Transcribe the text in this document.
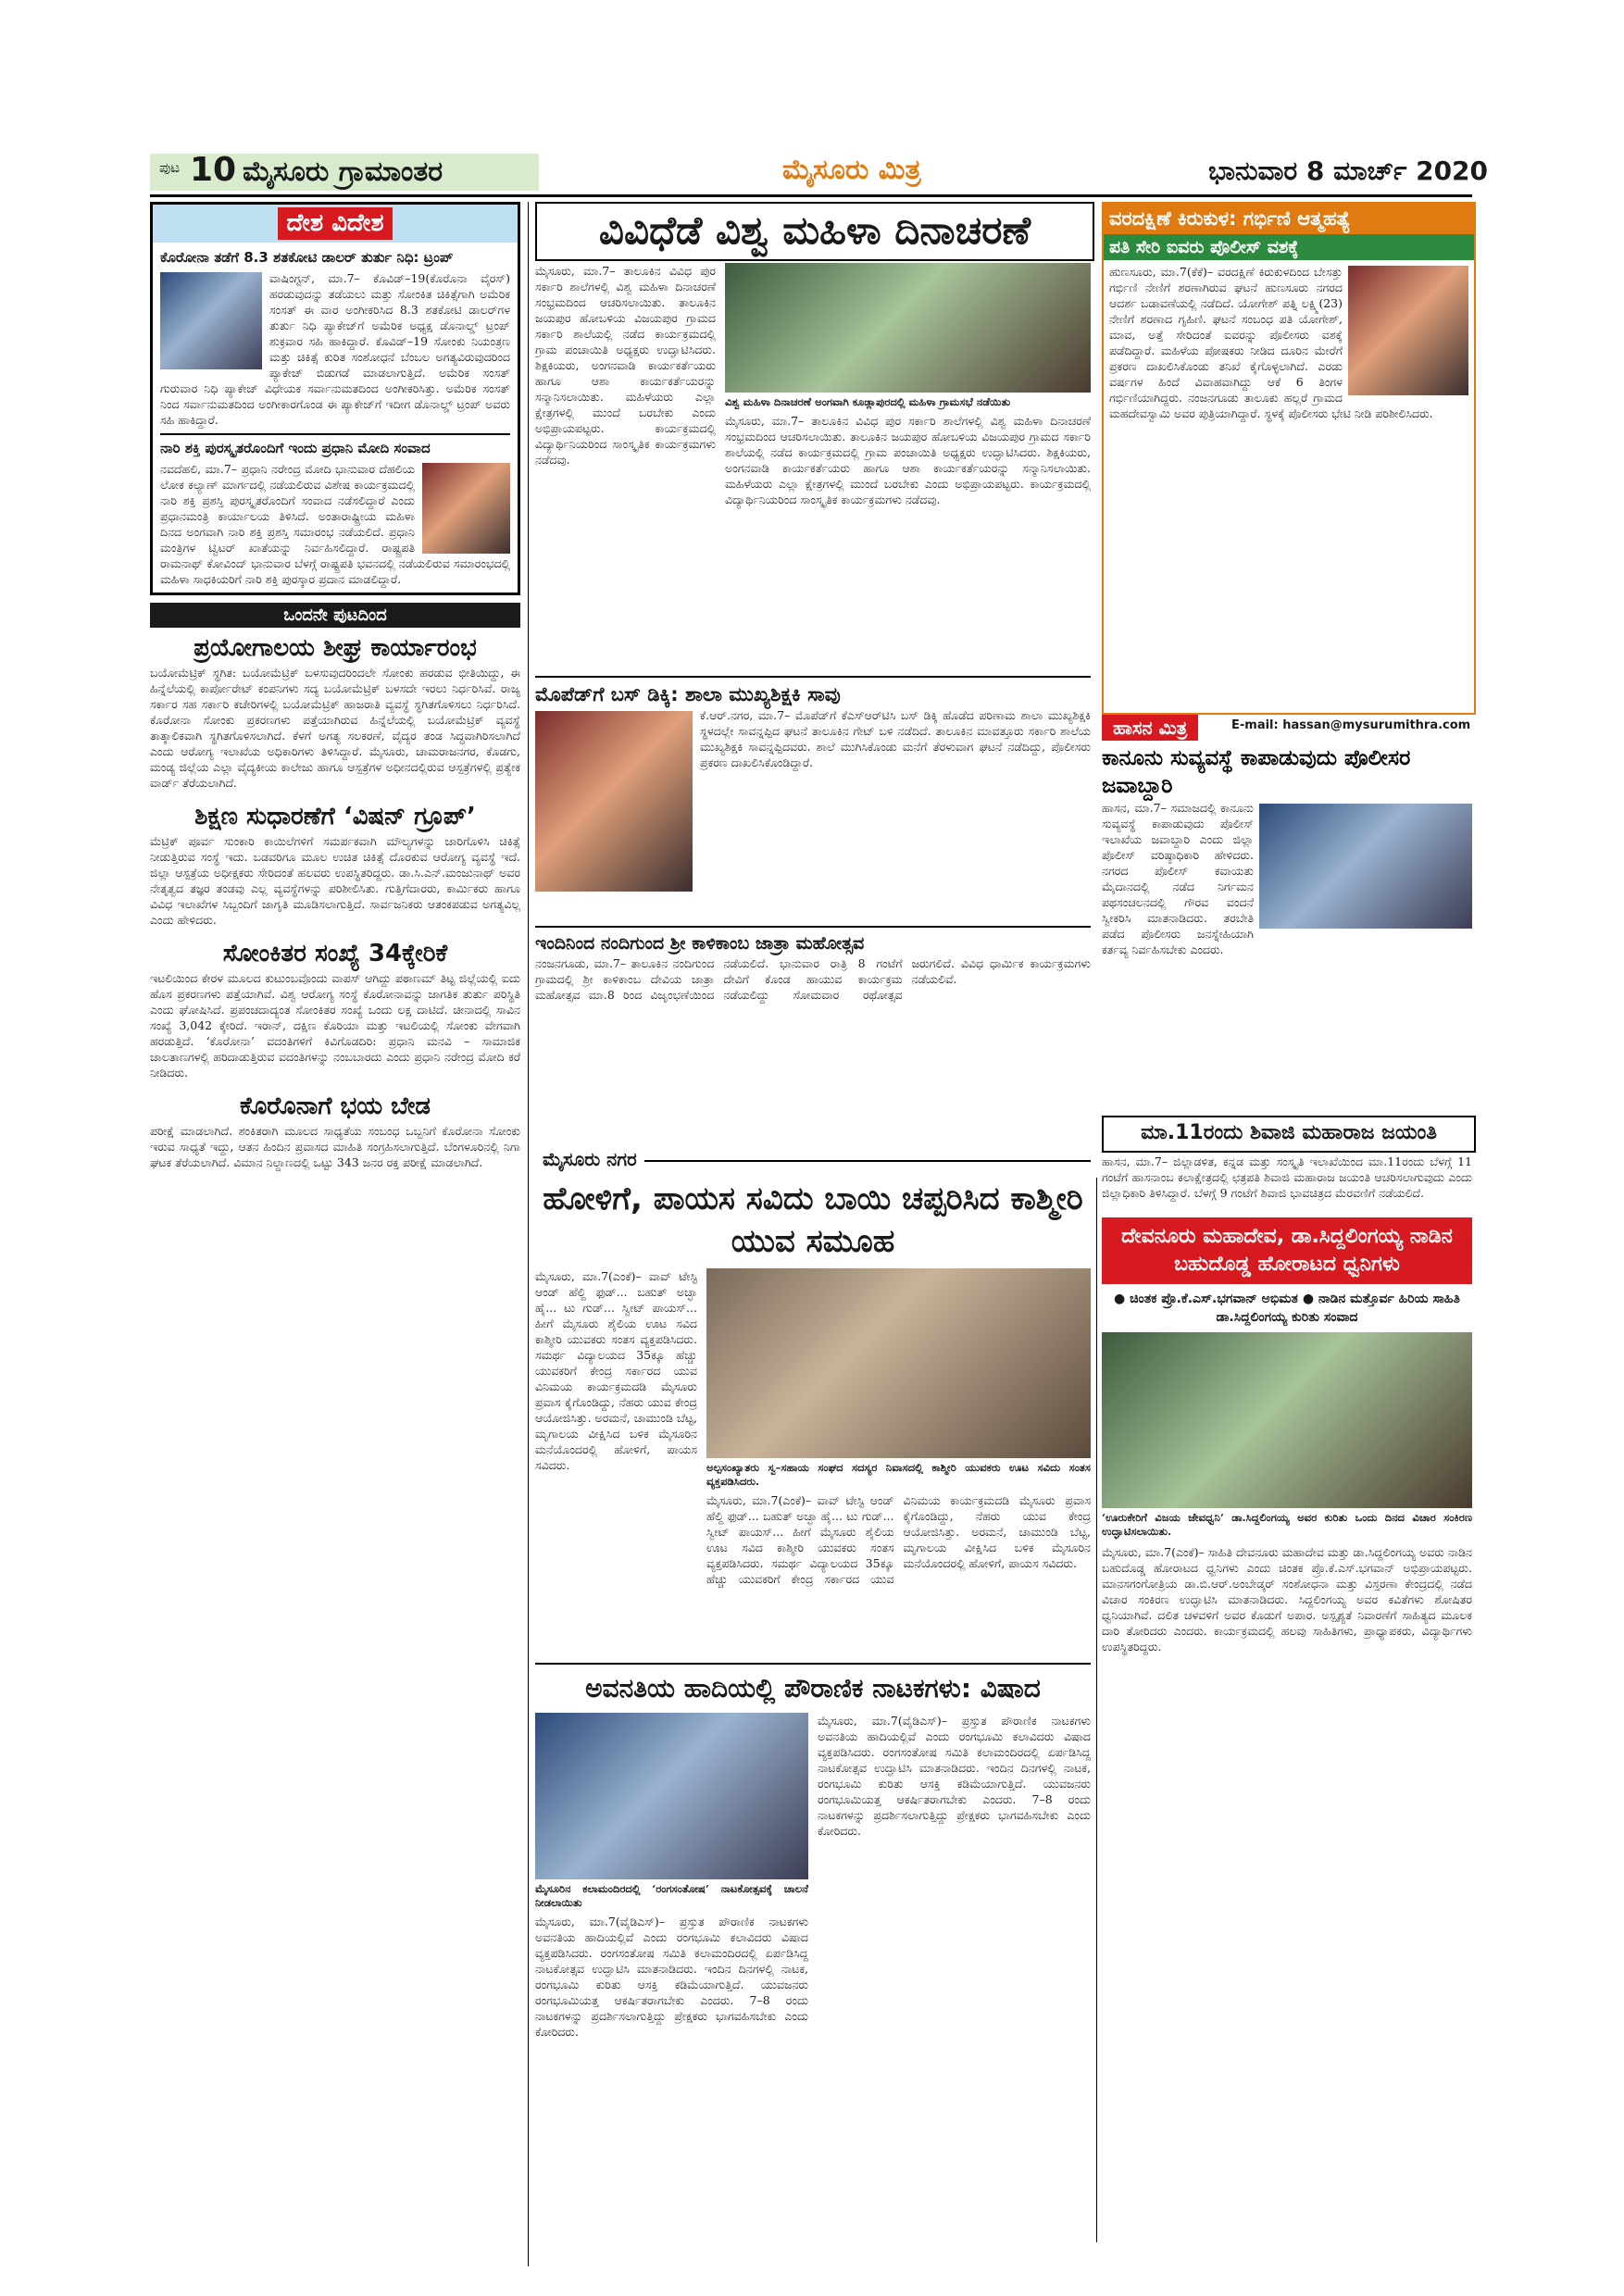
ಪುಟ 10 ಮೈಸೂರು ಗ್ರಾಮಾಂತರ	ಮೈಸೂರು ಮಿತ್ರ	ಭಾನುವಾರ 8 ಮಾರ್ಚ್ 2020
ದೇಶ ವಿದೇಶ

ಕೊರೋನಾ ತಡೆಗೆ 8.3 ಶತಕೋಟಿ ಡಾಲರ್ ತುರ್ತು ನಿಧಿ: ಟ್ರಂಪ್

ವಾಷಿಂಗ್ಟನ್, ಮಾ.7– ಕೊವಿಡ್–19(ಕೊರೊನಾ ವೈರಸ್) ಹರಡುವುದನ್ನು ತಡೆಯಲು ಮತ್ತು ಸೋಂಕಿತ ಚಿಕಿತ್ಸೆಗಾಗಿ ಅಮೆರಿಕ ಸಂಸತ್ ಈ ವಾರ ಅಂಗೀಕರಿಸಿದ 8.3 ಶತಕೋಟಿ ಡಾಲರ್‌ಗಳ ತುರ್ತು ನಿಧಿ ಪ್ಯಾಕೇಜ್‌ಗೆ ಅಮೆರಿಕ ಅಧ್ಯಕ್ಷ ಡೊನಾಲ್ಡ್ ಟ್ರಂಪ್ ಶುಕ್ರವಾರ ಸಹಿ ಹಾಕಿದ್ದಾರೆ. ಕೊವಿಡ್–19 ಸೋಂಕು ನಿಯಂತ್ರಣ ಮತ್ತು ಚಿಕಿತ್ಸೆ ಕುರಿತ ಸಂಶೋಧನೆ ಬೆಂಬಲ ಅಗತ್ಯವಿರುವುದರಿಂದ ಪ್ಯಾಕೇಜ್ ಬಿಡುಗಡೆ ಮಾಡಲಾಗುತ್ತಿದೆ. ಅಮೆರಿಕ ಸಂಸತ್ ಗುರುವಾರ ನಿಧಿ ಪ್ಯಾಕೇಜ್ ವಿಧೇಯಕ ಸರ್ವಾನುಮತದಿಂದ ಅಂಗೀಕರಿಸಿತ್ತು. ಅಮೆರಿಕ ಸಂಸತ್ ನಿಂದ ಸರ್ವಾನುಮತದಿಂದ ಅಂಗೀಕಾರಗೊಂಡ ಈ ಪ್ಯಾಕೇಜ್‌ಗೆ ಇದೀಗ ಡೊನಾಲ್ಡ್ ಟ್ರಂಪ್ ಅವರು ಸಹಿ ಹಾಕಿದ್ದಾರೆ.

ನಾರಿ ಶಕ್ತಿ ಪುರಸ್ಕೃತರೊಂದಿಗೆ ಇಂದು ಪ್ರಧಾನಿ ಮೋದಿ ಸಂವಾದ

ನವದೆಹಲಿ, ಮಾ.7– ಪ್ರಧಾನಿ ನರೇಂದ್ರ ಮೋದಿ ಭಾನುವಾರ ದೆಹಲಿಯ ಲೋಕ ಕಲ್ಯಾಣ್ ಮಾರ್ಗದಲ್ಲಿ ನಡೆಯಲಿರುವ ವಿಶೇಷ ಕಾರ್ಯಕ್ರಮದಲ್ಲಿ ನಾರಿ ಶಕ್ತಿ ಪ್ರಶಸ್ತಿ ಪುರಸ್ಕೃತರೊಂದಿಗೆ ಸಂವಾದ ನಡೆಸಲಿದ್ದಾರೆ ಎಂದು ಪ್ರಧಾನಮಂತ್ರಿ ಕಾರ್ಯಾಲಯ ತಿಳಿಸಿದೆ. ಅಂತಾರಾಷ್ಟ್ರೀಯ ಮಹಿಳಾ ದಿನದ ಅಂಗವಾಗಿ ನಾರಿ ಶಕ್ತಿ ಪ್ರಶಸ್ತಿ ಸಮಾರಂಭ ನಡೆಯಲಿದೆ. ಪ್ರಧಾನಿ ಮಂತ್ರಿಗಳ ಟ್ವಿಟರ್ ಖಾತೆಯನ್ನು ನಿರ್ವಹಿಸಲಿದ್ದಾರೆ. ರಾಷ್ಟ್ರಪತಿ ರಾಮನಾಥ್ ಕೋವಿಂದ್ ಭಾನುವಾರ ಬೆಳಗ್ಗೆ ರಾಷ್ಟ್ರಪತಿ ಭವನದಲ್ಲಿ ನಡೆಯಲಿರುವ ಸಮಾರಂಭದಲ್ಲಿ ಮಹಿಳಾ ಸಾಧಕಿಯರಿಗೆ ನಾರಿ ಶಕ್ತಿ ಪುರಸ್ಕಾರ ಪ್ರದಾನ ಮಾಡಲಿದ್ದಾರೆ.

ಒಂದನೇ ಪುಟದಿಂದ

ಪ್ರಯೋಗಾಲಯ ಶೀಘ್ರ ಕಾರ್ಯಾರಂಭ

ಬಯೋಮೆಟ್ರಿಕ್ ಸ್ಥಗಿತ: ಬಯೋಮೆಟ್ರಿಕ್ ಬಳಸುವುದರಿಂದಲೇ ಸೋಂಕು ಹರಡುವ ಭೀತಿಯಿದ್ದು, ಈ ಹಿನ್ನೆಲೆಯಲ್ಲಿ ಕಾರ್ಪೋರೇಟ್ ಕಂಪನಿಗಳು ಸದ್ಯ ಬಯೋಮೆಟ್ರಿಕ್ ಬಳಸದೇ ಇರಲು ನಿರ್ಧರಿಸಿವೆ. ರಾಜ್ಯ ಸರ್ಕಾರ ಸಹ ಸರ್ಕಾರಿ ಕಚೇರಿಗಳಲ್ಲಿ ಬಯೋಮೆಟ್ರಿಕ್ ಹಾಜರಾತಿ ವ್ಯವಸ್ಥೆ ಸ್ಥಗಿತಗೊಳಿಸಲು ನಿರ್ಧರಿಸಿದೆ. ಕೊರೋನಾ ಸೋಂಕು ಪ್ರಕರಣಗಳು ಪತ್ತೆಯಾಗಿರುವ ಹಿನ್ನೆಲೆಯಲ್ಲಿ ಬಯೋಮೆಟ್ರಿಕ್ ವ್ಯವಸ್ಥೆ ತಾತ್ಕಾಲಿಕವಾಗಿ ಸ್ಥಗಿತಗೊಳಿಸಲಾಗಿದೆ. ಕೆಳಗೆ ಅಗತ್ಯ ಸಲಕರಣೆ, ವೈದ್ಯರ ತಂಡ ಸಿದ್ಧವಾಗಿರಿಸಲಾಗಿದೆ ಎಂದು ಆರೋಗ್ಯ ಇಲಾಖೆಯ ಅಧಿಕಾರಿಗಳು ತಿಳಿಸಿದ್ದಾರೆ. ಮೈಸೂರು, ಚಾಮರಾಜನಗರ, ಕೊಡಗು, ಮಂಡ್ಯ ಜಿಲ್ಲೆಯ ಎಲ್ಲಾ ವೈದ್ಯಕೀಯ ಕಾಲೇಜು ಹಾಗೂ ಆಸ್ಪತ್ರೆಗಳ ಅಧೀನದಲ್ಲಿರುವ ಆಸ್ಪತ್ರೆಗಳಲ್ಲಿ ಪ್ರತ್ಯೇಕ ವಾರ್ಡ್ ತೆರೆಯಲಾಗಿದೆ.

ಶಿಕ್ಷಣ ಸುಧಾರಣೆಗೆ ‘ವಿಷನ್ ಗ್ರೂಪ್’

ಮೆಟ್ರಿಕ್ ಪೂರ್ವ ಸುಂಕಾರಿ ಕಾಯಿಲೆಗಳಿಗೆ ಸಮರ್ಪಕವಾಗಿ ಮೌಲ್ಯಗಳನ್ನು ಜಾರಿಗೊಳಿಸಿ ಚಿಕಿತ್ಸೆ ನೀಡುತ್ತಿರುವ ಸಂಸ್ಥೆ ಇದು. ಬಡವರಿಗೂ ಮೂಲ ಉಚಿತ ಚಿಕಿತ್ಸೆ ದೊರಕುವ ಆರೋಗ್ಯ ವ್ಯವಸ್ಥೆ ಇದೆ. ಜಿಲ್ಲಾ ಆಸ್ಪತ್ರೆಯ ಅಧೀಕ್ಷಕರು ಸೇರಿದಂತೆ ಹಲವರು ಉಪಸ್ಥಿತರಿದ್ದರು. ಡಾ.ಸಿ.ಎನ್.ಮಂಜುನಾಥ್ ಅವರ ನೇತೃತ್ವದ ತಜ್ಞರ ತಂಡವು ಎಲ್ಲ ವ್ಯವಸ್ಥೆಗಳನ್ನು ಪರಿಶೀಲಿಸಿತು. ಗುತ್ತಿಗೆದಾರರು, ಕಾರ್ಮಿಕರು ಹಾಗೂ ವಿವಿಧ ಇಲಾಖೆಗಳ ಸಿಬ್ಬಂದಿಗೆ ಜಾಗೃತಿ ಮೂಡಿಸಲಾಗುತ್ತಿದೆ. ಸಾರ್ವಜನಿಕರು ಆತಂಕಪಡುವ ಅಗತ್ಯವಿಲ್ಲ ಎಂದು ಹೇಳಿದರು.

ಸೋಂಕಿತರ ಸಂಖ್ಯೆ 34ಕ್ಕೇರಿಕೆ

ಇಟಲಿಯಿಂದ ಕೇರಳ ಮೂಲದ ಕುಟುಂಬವೊಂದು ವಾಪಸ್ ಆಗಿದ್ದು ಪಠಾಣಮ್ ತಿಟ್ಟ ಜಿಲ್ಲೆಯಲ್ಲಿ ಐದು ಹೊಸ ಪ್ರಕರಣಗಳು ಪತ್ತೆಯಾಗಿವೆ. ವಿಶ್ವ ಆರೋಗ್ಯ ಸಂಸ್ಥೆ ಕೊರೋನಾವನ್ನು ಜಾಗತಿಕ ತುರ್ತು ಪರಿಸ್ಥಿತಿ ಎಂದು ಘೋಷಿಸಿದೆ. ಪ್ರಪಂಚದಾದ್ಯಂತ ಸೋಂಕಿತರ ಸಂಖ್ಯೆ ಒಂದು ಲಕ್ಷ ದಾಟಿದೆ. ಚೀನಾದಲ್ಲಿ ಸಾವಿನ ಸಂಖ್ಯೆ 3,042 ಕ್ಕೇರಿದೆ. ಇರಾನ್, ದಕ್ಷಿಣ ಕೊರಿಯಾ ಮತ್ತು ಇಟಲಿಯಲ್ಲಿ ಸೋಂಕು ವೇಗವಾಗಿ ಹರಡುತ್ತಿದೆ. ‘ಕೊರೋನಾ’ ವದಂತಿಗಳಿಗೆ ಕಿವಿಗೊಡದಿರಿ: ಪ್ರಧಾನಿ ಮನವಿ – ಸಾಮಾಜಿಕ ಜಾಲತಾಣಗಳಲ್ಲಿ ಹರಿದಾಡುತ್ತಿರುವ ವದಂತಿಗಳನ್ನು ನಂಬಬಾರದು ಎಂದು ಪ್ರಧಾನಿ ನರೇಂದ್ರ ಮೋದಿ ಕರೆ ನೀಡಿದರು.

ಕೊರೊನಾಗೆ ಭಯ ಬೇಡ

ಪರೀಕ್ಷೆ ಮಾಡಲಾಗಿದೆ. ಶಂಕಿತರಾಗಿ ಮೂಲದ ಸಾಧ್ಯತೆಯ ಸಂಬಂಧ ಒಬ್ಬನಿಗೆ ಕೊರೋನಾ ಸೋಂಕು ಇರುವ ಸಾಧ್ಯತೆ ಇದ್ದು, ಆತನ ಹಿಂದಿನ ಪ್ರವಾಸದ ಮಾಹಿತಿ ಸಂಗ್ರಹಿಸಲಾಗುತ್ತಿದೆ. ಬೆಂಗಳೂರಿನಲ್ಲಿ ನಿಗಾ ಘಟಕ ತೆರೆಯಲಾಗಿದೆ. ವಿಮಾನ ನಿಲ್ದಾಣದಲ್ಲಿ ಒಟ್ಟು 343 ಜನರ ರಕ್ತ ಪರೀಕ್ಷೆ ಮಾಡಲಾಗಿದೆ.

ವಿವಿಧೆಡೆ ವಿಶ್ವ ಮಹಿಳಾ ದಿನಾಚರಣೆ

ಮೈಸೂರು, ಮಾ.7– ತಾಲೂಕಿನ ವಿವಿಧ ಪುರ ಸರ್ಕಾರಿ ಶಾಲೆಗಳಲ್ಲಿ ವಿಶ್ವ ಮಹಿಳಾ ದಿನಾಚರಣೆ ಸಂಭ್ರಮದಿಂದ ಆಚರಿಸಲಾಯಿತು. ತಾಲೂಕಿನ ಜಯಪುರ ಹೋಬಳಿಯ ವಿಜಯಪುರ ಗ್ರಾಮದ ಸರ್ಕಾರಿ ಶಾಲೆಯಲ್ಲಿ ನಡೆದ ಕಾರ್ಯಕ್ರಮದಲ್ಲಿ ಗ್ರಾಮ ಪಂಚಾಯಿತಿ ಅಧ್ಯಕ್ಷರು ಉದ್ಘಾಟಿಸಿದರು. ಶಿಕ್ಷಕಿಯರು, ಅಂಗನವಾಡಿ ಕಾರ್ಯಕರ್ತೆಯರು ಹಾಗೂ ಆಶಾ ಕಾರ್ಯಕರ್ತೆಯರನ್ನು ಸನ್ಮಾನಿಸಲಾಯಿತು. ಮಹಿಳೆಯರು ಎಲ್ಲಾ ಕ್ಷೇತ್ರಗಳಲ್ಲಿ ಮುಂದೆ ಬರಬೇಕು ಎಂದು ಅಭಿಪ್ರಾಯಪಟ್ಟರು. ಕಾರ್ಯಕ್ರಮದಲ್ಲಿ ವಿದ್ಯಾರ್ಥಿನಿಯರಿಂದ ಸಾಂಸ್ಕೃತಿಕ ಕಾರ್ಯಕ್ರಮಗಳು ನಡೆದವು.

ವಿಶ್ವ ಮಹಿಳಾ ದಿನಾಚರಣೆ ಅಂಗವಾಗಿ ಕೂಡ್ಲಾಪುರದಲ್ಲಿ ಮಹಿಳಾ ಗ್ರಾಮಸಭೆ ನಡೆಯಿತು

ಮೈಸೂರು, ಮಾ.7– ತಾಲೂಕಿನ ವಿವಿಧ ಪುರ ಸರ್ಕಾರಿ ಶಾಲೆಗಳಲ್ಲಿ ವಿಶ್ವ ಮಹಿಳಾ ದಿನಾಚರಣೆ ಸಂಭ್ರಮದಿಂದ ಆಚರಿಸಲಾಯಿತು. ತಾಲೂಕಿನ ಜಯಪುರ ಹೋಬಳಿಯ ವಿಜಯಪುರ ಗ್ರಾಮದ ಸರ್ಕಾರಿ ಶಾಲೆಯಲ್ಲಿ ನಡೆದ ಕಾರ್ಯಕ್ರಮದಲ್ಲಿ ಗ್ರಾಮ ಪಂಚಾಯಿತಿ ಅಧ್ಯಕ್ಷರು ಉದ್ಘಾಟಿಸಿದರು. ಶಿಕ್ಷಕಿಯರು, ಅಂಗನವಾಡಿ ಕಾರ್ಯಕರ್ತೆಯರು ಹಾಗೂ ಆಶಾ ಕಾರ್ಯಕರ್ತೆಯರನ್ನು ಸನ್ಮಾನಿಸಲಾಯಿತು. ಮಹಿಳೆಯರು ಎಲ್ಲಾ ಕ್ಷೇತ್ರಗಳಲ್ಲಿ ಮುಂದೆ ಬರಬೇಕು ಎಂದು ಅಭಿಪ್ರಾಯಪಟ್ಟರು. ಕಾರ್ಯಕ್ರಮದಲ್ಲಿ ವಿದ್ಯಾರ್ಥಿನಿಯರಿಂದ ಸಾಂಸ್ಕೃತಿಕ ಕಾರ್ಯಕ್ರಮಗಳು ನಡೆದವು.

ಮೊಪೆಡ್‌ಗೆ ಬಸ್ ಡಿಕ್ಕಿ: ಶಾಲಾ ಮುಖ್ಯಶಿಕ್ಷಕಿ ಸಾವು

ಕೆ.ಆರ್.ನಗರ, ಮಾ.7– ಮೊಪೆಡ್‌ಗೆ ಕೆಎಸ್‌ಆರ್‌ಟಿಸಿ ಬಸ್ ಡಿಕ್ಕಿ ಹೊಡೆದ ಪರಿಣಾಮ ಶಾಲಾ ಮುಖ್ಯಶಿಕ್ಷಕಿ ಸ್ಥಳದಲ್ಲೇ ಸಾವನ್ನಪ್ಪಿದ ಘಟನೆ ತಾಲೂಕಿನ ಗೇಟ್ ಬಳಿ ನಡೆದಿದೆ. ತಾಲೂಕಿನ ಮಾವತ್ತೂರು ಸರ್ಕಾರಿ ಶಾಲೆಯ ಮುಖ್ಯಶಿಕ್ಷಕಿ ಸಾವನ್ನಪ್ಪಿದವರು. ಶಾಲೆ ಮುಗಿಸಿಕೊಂಡು ಮನೆಗೆ ತೆರಳುವಾಗ ಘಟನೆ ನಡೆದಿದ್ದು, ಪೊಲೀಸರು ಪ್ರಕರಣ ದಾಖಲಿಸಿಕೊಂಡಿದ್ದಾರೆ.

ಇಂದಿನಿಂದ ನಂದಿಗುಂದ ಶ್ರೀ ಕಾಳಿಕಾಂಬ ಜಾತ್ರಾ ಮಹೋತ್ಸವ

ನಂಜನಗೂಡು, ಮಾ.7– ತಾಲೂಕಿನ ನಂದಿಗುಂದ ಗ್ರಾಮದಲ್ಲಿ ಶ್ರೀ ಕಾಳಿಕಾಂಬ ದೇವಿಯ ಜಾತ್ರಾ ಮಹೋತ್ಸವ ಮಾ.8 ರಿಂದ ವಿಜೃಂಭಣೆಯಿಂದ ನಡೆಯಲಿದೆ. ಭಾನುವಾರ ರಾತ್ರಿ 8 ಗಂಟೆಗೆ ದೇವಿಗೆ ಕೊಂಡ ಹಾಯುವ ಕಾರ್ಯಕ್ರಮ ನಡೆಯಲಿದ್ದು ಸೋಮವಾರ ರಥೋತ್ಸವ ಜರುಗಲಿದೆ. ವಿವಿಧ ಧಾರ್ಮಿಕ ಕಾರ್ಯಕ್ರಮಗಳು ನಡೆಯಲಿವೆ.

ವರದಕ್ಷಿಣೆ ಕಿರುಕುಳ: ಗರ್ಭಿಣಿ ಆತ್ಮಹತ್ಯೆ
ಪತಿ ಸೇರಿ ಐವರು ಪೊಲೀಸ್ ವಶಕ್ಕೆ

ಹುಣಸೂರು, ಮಾ.7(ಕೆಕೆ)– ವರದಕ್ಷಿಣೆ ಕಿರುಕುಳದಿಂದ ಬೇಸತ್ತು ಗರ್ಭಿಣಿ ನೇಣಿಗೆ ಶರಣಾಗಿರುವ ಘಟನೆ ಹುಣಸೂರು ನಗರದ ಆದರ್ಶ ಬಡಾವಣೆಯಲ್ಲಿ ನಡೆದಿದೆ. ಯೋಗೇಶ್ ಪತ್ನಿ ಲಕ್ಷ್ಮಿ(23) ನೇಣಿಗೆ ಶರಣಾದ ಗೃಹಿಣಿ. ಘಟನೆ ಸಂಬಂಧ ಪತಿ ಯೋಗೇಶ್, ಮಾವ, ಅತ್ತೆ ಸೇರಿದಂತೆ ಐವರನ್ನು ಪೊಲೀಸರು ವಶಕ್ಕೆ ಪಡೆದಿದ್ದಾರೆ. ಮಹಿಳೆಯ ಪೋಷಕರು ನೀಡಿದ ದೂರಿನ ಮೇರೆಗೆ ಪ್ರಕರಣ ದಾಖಲಿಸಿಕೊಂಡು ತನಿಖೆ ಕೈಗೊಳ್ಳಲಾಗಿದೆ. ಎರಡು ವರ್ಷಗಳ ಹಿಂದೆ ವಿವಾಹವಾಗಿದ್ದು ಆಕೆ 6 ತಿಂಗಳ ಗರ್ಭಿಣಿಯಾಗಿದ್ದರು. ನಂಜನಗೂಡು ತಾಲೂಕು ಹಲ್ಲರೆ ಗ್ರಾಮದ ಮಹದೇವಸ್ವಾಮಿ ಅವರ ಪುತ್ರಿಯಾಗಿದ್ದಾರೆ. ಸ್ಥಳಕ್ಕೆ ಪೊಲೀಸರು ಭೇಟಿ ನೀಡಿ ಪರಿಶೀಲಿಸಿದರು.

E-mail: hassan@mysurumithra.com
ಹಾಸನ ಮಿತ್ರ

ಕಾನೂನು ಸುವ್ಯವಸ್ಥೆ ಕಾಪಾಡುವುದು ಪೊಲೀಸರ ಜವಾಬ್ದಾರಿ

ಹಾಸನ, ಮಾ.7– ಸಮಾಜದಲ್ಲಿ ಕಾನೂನು ಸುವ್ಯವಸ್ಥೆ ಕಾಪಾಡುವುದು ಪೊಲೀಸ್ ಇಲಾಖೆಯ ಜವಾಬ್ದಾರಿ ಎಂದು ಜಿಲ್ಲಾ ಪೊಲೀಸ್ ವರಿಷ್ಠಾಧಿಕಾರಿ ಹೇಳಿದರು. ನಗರದ ಪೊಲೀಸ್ ಕವಾಯತು ಮೈದಾನದಲ್ಲಿ ನಡೆದ ನಿರ್ಗಮನ ಪಥಸಂಚಲನದಲ್ಲಿ ಗೌರವ ವಂದನೆ ಸ್ವೀಕರಿಸಿ ಮಾತನಾಡಿದರು. ತರಬೇತಿ ಪಡೆದ ಪೊಲೀಸರು ಜನಸ್ನೇಹಿಯಾಗಿ ಕರ್ತವ್ಯ ನಿರ್ವಹಿಸಬೇಕು ಎಂದರು.

ಮಾ.11ರಂದು ಶಿವಾಜಿ ಮಹಾರಾಜ ಜಯಂತಿ

ಹಾಸನ, ಮಾ.7– ಜಿಲ್ಲಾಡಳಿತ, ಕನ್ನಡ ಮತ್ತು ಸಂಸ್ಕೃತಿ ಇಲಾಖೆಯಿಂದ ಮಾ.11ರಂದು ಬೆಳಗ್ಗೆ 11 ಗಂಟೆಗೆ ಹಾಸನಾಂಬ ಕಲಾಕ್ಷೇತ್ರದಲ್ಲಿ ಛತ್ರಪತಿ ಶಿವಾಜಿ ಮಹಾರಾಜ ಜಯಂತಿ ಆಚರಿಸಲಾಗುವುದು ಎಂದು ಜಿಲ್ಲಾಧಿಕಾರಿ ತಿಳಿಸಿದ್ದಾರೆ. ಬೆಳಗ್ಗೆ 9 ಗಂಟೆಗೆ ಶಿವಾಜಿ ಭಾವಚಿತ್ರದ ಮೆರವಣಿಗೆ ನಡೆಯಲಿದೆ.

ಮೈಸೂರು ನಗರ

ಹೋಳಿಗೆ, ಪಾಯಸ ಸವಿದು ಬಾಯಿ ಚಪ್ಪರಿಸಿದ ಕಾಶ್ಮೀರಿ ಯುವ ಸಮೂಹ

ಮೈಸೂರು, ಮಾ.7(ಎಂಕೆ)– ವಾವ್ ಟೇಸ್ಟಿ ಆಂಡ್ ಹೆಲ್ದಿ ಫುಡ್... ಬಹುತ್ ಅಚ್ಛಾ ಹೈ... ಟು ಗುಡ್... ಸ್ವೀಟ್ ಪಾಯಸ್... ಹೀಗೆ ಮೈಸೂರು ಶೈಲಿಯ ಊಟ ಸವಿದ ಕಾಶ್ಮೀರಿ ಯುವಕರು ಸಂತಸ ವ್ಯಕ್ತಪಡಿಸಿದರು. ಸಮರ್ಥ ವಿದ್ಯಾಲಯದ 35ಕ್ಕೂ ಹೆಚ್ಚು ಯುವಕರಿಗೆ ಕೇಂದ್ರ ಸರ್ಕಾರದ ಯುವ ವಿನಿಮಯ ಕಾರ್ಯಕ್ರಮದಡಿ ಮೈಸೂರು ಪ್ರವಾಸ ಕೈಗೊಂಡಿದ್ದು, ನೆಹರು ಯುವ ಕೇಂದ್ರ ಆಯೋಜಿಸಿತ್ತು. ಅರಮನೆ, ಚಾಮುಂಡಿ ಬೆಟ್ಟ, ಮೃಗಾಲಯ ವೀಕ್ಷಿಸಿದ ಬಳಿಕ ಮೈಸೂರಿನ ಮನೆಯೊಂದರಲ್ಲಿ ಹೋಳಿಗೆ, ಪಾಯಸ ಸವಿದರು.	ಅಲ್ಪಸಂಖ್ಯಾತರು ಸ್ವ–ಸಹಾಯ ಸಂಘದ ಸದಸ್ಯರ ನಿವಾಸದಲ್ಲಿ ಕಾಶ್ಮೀರಿ ಯುವಕರು ಊಟ ಸವಿದು ಸಂತಸ ವ್ಯಕ್ತಪಡಿಸಿದರು.

ಮೈಸೂರು, ಮಾ.7(ಎಂಕೆ)– ವಾವ್ ಟೇಸ್ಟಿ ಆಂಡ್ ಹೆಲ್ದಿ ಫುಡ್... ಬಹುತ್ ಅಚ್ಛಾ ಹೈ... ಟು ಗುಡ್... ಸ್ವೀಟ್ ಪಾಯಸ್... ಹೀಗೆ ಮೈಸೂರು ಶೈಲಿಯ ಊಟ ಸವಿದ ಕಾಶ್ಮೀರಿ ಯುವಕರು ಸಂತಸ ವ್ಯಕ್ತಪಡಿಸಿದರು. ಸಮರ್ಥ ವಿದ್ಯಾಲಯದ 35ಕ್ಕೂ ಹೆಚ್ಚು ಯುವಕರಿಗೆ ಕೇಂದ್ರ ಸರ್ಕಾರದ ಯುವ ವಿನಿಮಯ ಕಾರ್ಯಕ್ರಮದಡಿ ಮೈಸೂರು ಪ್ರವಾಸ ಕೈಗೊಂಡಿದ್ದು, ನೆಹರು ಯುವ ಕೇಂದ್ರ ಆಯೋಜಿಸಿತ್ತು. ಅರಮನೆ, ಚಾಮುಂಡಿ ಬೆಟ್ಟ, ಮೃಗಾಲಯ ವೀಕ್ಷಿಸಿದ ಬಳಿಕ ಮೈಸೂರಿನ ಮನೆಯೊಂದರಲ್ಲಿ ಹೋಳಿಗೆ, ಪಾಯಸ ಸವಿದರು.

ಅವನತಿಯ ಹಾದಿಯಲ್ಲಿ ಪೌರಾಣಿಕ ನಾಟಕಗಳು: ವಿಷಾದ

ಮೈಸೂರಿನ ಕಲಾಮಂದಿರದಲ್ಲಿ ‘ರಂಗಸಂತೋಷ’ ನಾಟಕೋತ್ಸವಕ್ಕೆ ಚಾಲನೆ ನೀಡಲಾಯಿತು

ಮೈಸೂರು, ಮಾ.7(ವೈಡಿಎಸ್)– ಪ್ರಸ್ತುತ ಪೌರಾಣಿಕ ನಾಟಕಗಳು ಅವನತಿಯ ಹಾದಿಯಲ್ಲಿವೆ ಎಂದು ರಂಗಭೂಮಿ ಕಲಾವಿದರು ವಿಷಾದ ವ್ಯಕ್ತಪಡಿಸಿದರು. ರಂಗಸಂತೋಷ ಸಮಿತಿ ಕಲಾಮಂದಿರದಲ್ಲಿ ಏರ್ಪಡಿಸಿದ್ದ ನಾಟಕೋತ್ಸವ ಉದ್ಘಾಟಿಸಿ ಮಾತನಾಡಿದರು. ಇಂದಿನ ದಿನಗಳಲ್ಲಿ ನಾಟಕ, ರಂಗಭೂಮಿ ಕುರಿತು ಆಸಕ್ತಿ ಕಡಿಮೆಯಾಗುತ್ತಿದೆ. ಯುವಜನರು ರಂಗಭೂಮಿಯತ್ತ ಆಕರ್ಷಿತರಾಗಬೇಕು ಎಂದರು. 7–8 ರಂದು ನಾಟಕಗಳನ್ನು ಪ್ರದರ್ಶಿಸಲಾಗುತ್ತಿದ್ದು ಪ್ರೇಕ್ಷಕರು ಭಾಗವಹಿಸಬೇಕು ಎಂದು ಕೋರಿದರು.

ಮೈಸೂರು, ಮಾ.7(ವೈಡಿಎಸ್)– ಪ್ರಸ್ತುತ ಪೌರಾಣಿಕ ನಾಟಕಗಳು ಅವನತಿಯ ಹಾದಿಯಲ್ಲಿವೆ ಎಂದು ರಂಗಭೂಮಿ ಕಲಾವಿದರು ವಿಷಾದ ವ್ಯಕ್ತಪಡಿಸಿದರು. ರಂಗಸಂತೋಷ ಸಮಿತಿ ಕಲಾಮಂದಿರದಲ್ಲಿ ಏರ್ಪಡಿಸಿದ್ದ ನಾಟಕೋತ್ಸವ ಉದ್ಘಾಟಿಸಿ ಮಾತನಾಡಿದರು. ಇಂದಿನ ದಿನಗಳಲ್ಲಿ ನಾಟಕ, ರಂಗಭೂಮಿ ಕುರಿತು ಆಸಕ್ತಿ ಕಡಿಮೆಯಾಗುತ್ತಿದೆ. ಯುವಜನರು ರಂಗಭೂಮಿಯತ್ತ ಆಕರ್ಷಿತರಾಗಬೇಕು ಎಂದರು. 7–8 ರಂದು ನಾಟಕಗಳನ್ನು ಪ್ರದರ್ಶಿಸಲಾಗುತ್ತಿದ್ದು ಪ್ರೇಕ್ಷಕರು ಭಾಗವಹಿಸಬೇಕು ಎಂದು ಕೋರಿದರು.

ದೇವನೂರು ಮಹಾದೇವ, ಡಾ.ಸಿದ್ದಲಿಂಗಯ್ಯ ನಾಡಿನ ಬಹುದೊಡ್ಡ ಹೋರಾಟದ ಧ್ವನಿಗಳು

● ಚಿಂತಕ ಪ್ರೊ.ಕೆ.ಎಸ್.ಭಗವಾನ್ ಅಭಿಮತ ● ನಾಡಿನ ಮತ್ತೊರ್ವ ಹಿರಿಯ ಸಾಹಿತಿ ಡಾ.ಸಿದ್ದಲಿಂಗಯ್ಯ ಕುರಿತು ಸಂವಾದ

‘ಊರುಕೇರಿಗೆ ವಿಜಯ ಜೇವಧ್ವನಿ’ ಡಾ.ಸಿದ್ದಲಿಂಗಯ್ಯ ಅವರ ಕುರಿತು ಒಂದು ದಿನದ ವಿಚಾರ ಸಂಕಿರಣ ಉದ್ಘಾಟಿಸಲಾಯಿತು.

ಮೈಸೂರು, ಮಾ.7(ಎಂಕೆ)– ಸಾಹಿತಿ ದೇವನೂರು ಮಹಾದೇವ ಮತ್ತು ಡಾ.ಸಿದ್ದಲಿಂಗಯ್ಯ ಅವರು ನಾಡಿನ ಬಹುದೊಡ್ಡ ಹೋರಾಟದ ಧ್ವನಿಗಳು ಎಂದು ಚಿಂತಕ ಪ್ರೊ.ಕೆ.ಎಸ್.ಭಗವಾನ್ ಅಭಿಪ್ರಾಯಪಟ್ಟರು. ಮಾನಸಗಂಗೋತ್ರಿಯ ಡಾ.ಬಿ.ಆರ್.ಅಂಬೇಡ್ಕರ್ ಸಂಶೋಧನಾ ಮತ್ತು ವಿಸ್ತರಣಾ ಕೇಂದ್ರದಲ್ಲಿ ನಡೆದ ವಿಚಾರ ಸಂಕಿರಣ ಉದ್ಘಾಟಿಸಿ ಮಾತನಾಡಿದರು. ಸಿದ್ದಲಿಂಗಯ್ಯ ಅವರ ಕವಿತೆಗಳು ಶೋಷಿತರ ಧ್ವನಿಯಾಗಿವೆ. ದಲಿತ ಚಳವಳಿಗೆ ಅವರ ಕೊಡುಗೆ ಅಪಾರ. ಅಸ್ಪೃಶ್ಯತೆ ನಿವಾರಣೆಗೆ ಸಾಹಿತ್ಯದ ಮೂಲಕ ದಾರಿ ತೋರಿದರು ಎಂದರು. ಕಾರ್ಯಕ್ರಮದಲ್ಲಿ ಹಲವು ಸಾಹಿತಿಗಳು, ಪ್ರಾಧ್ಯಾಪಕರು, ವಿದ್ಯಾರ್ಥಿಗಳು ಉಪಸ್ಥಿತರಿದ್ದರು.
